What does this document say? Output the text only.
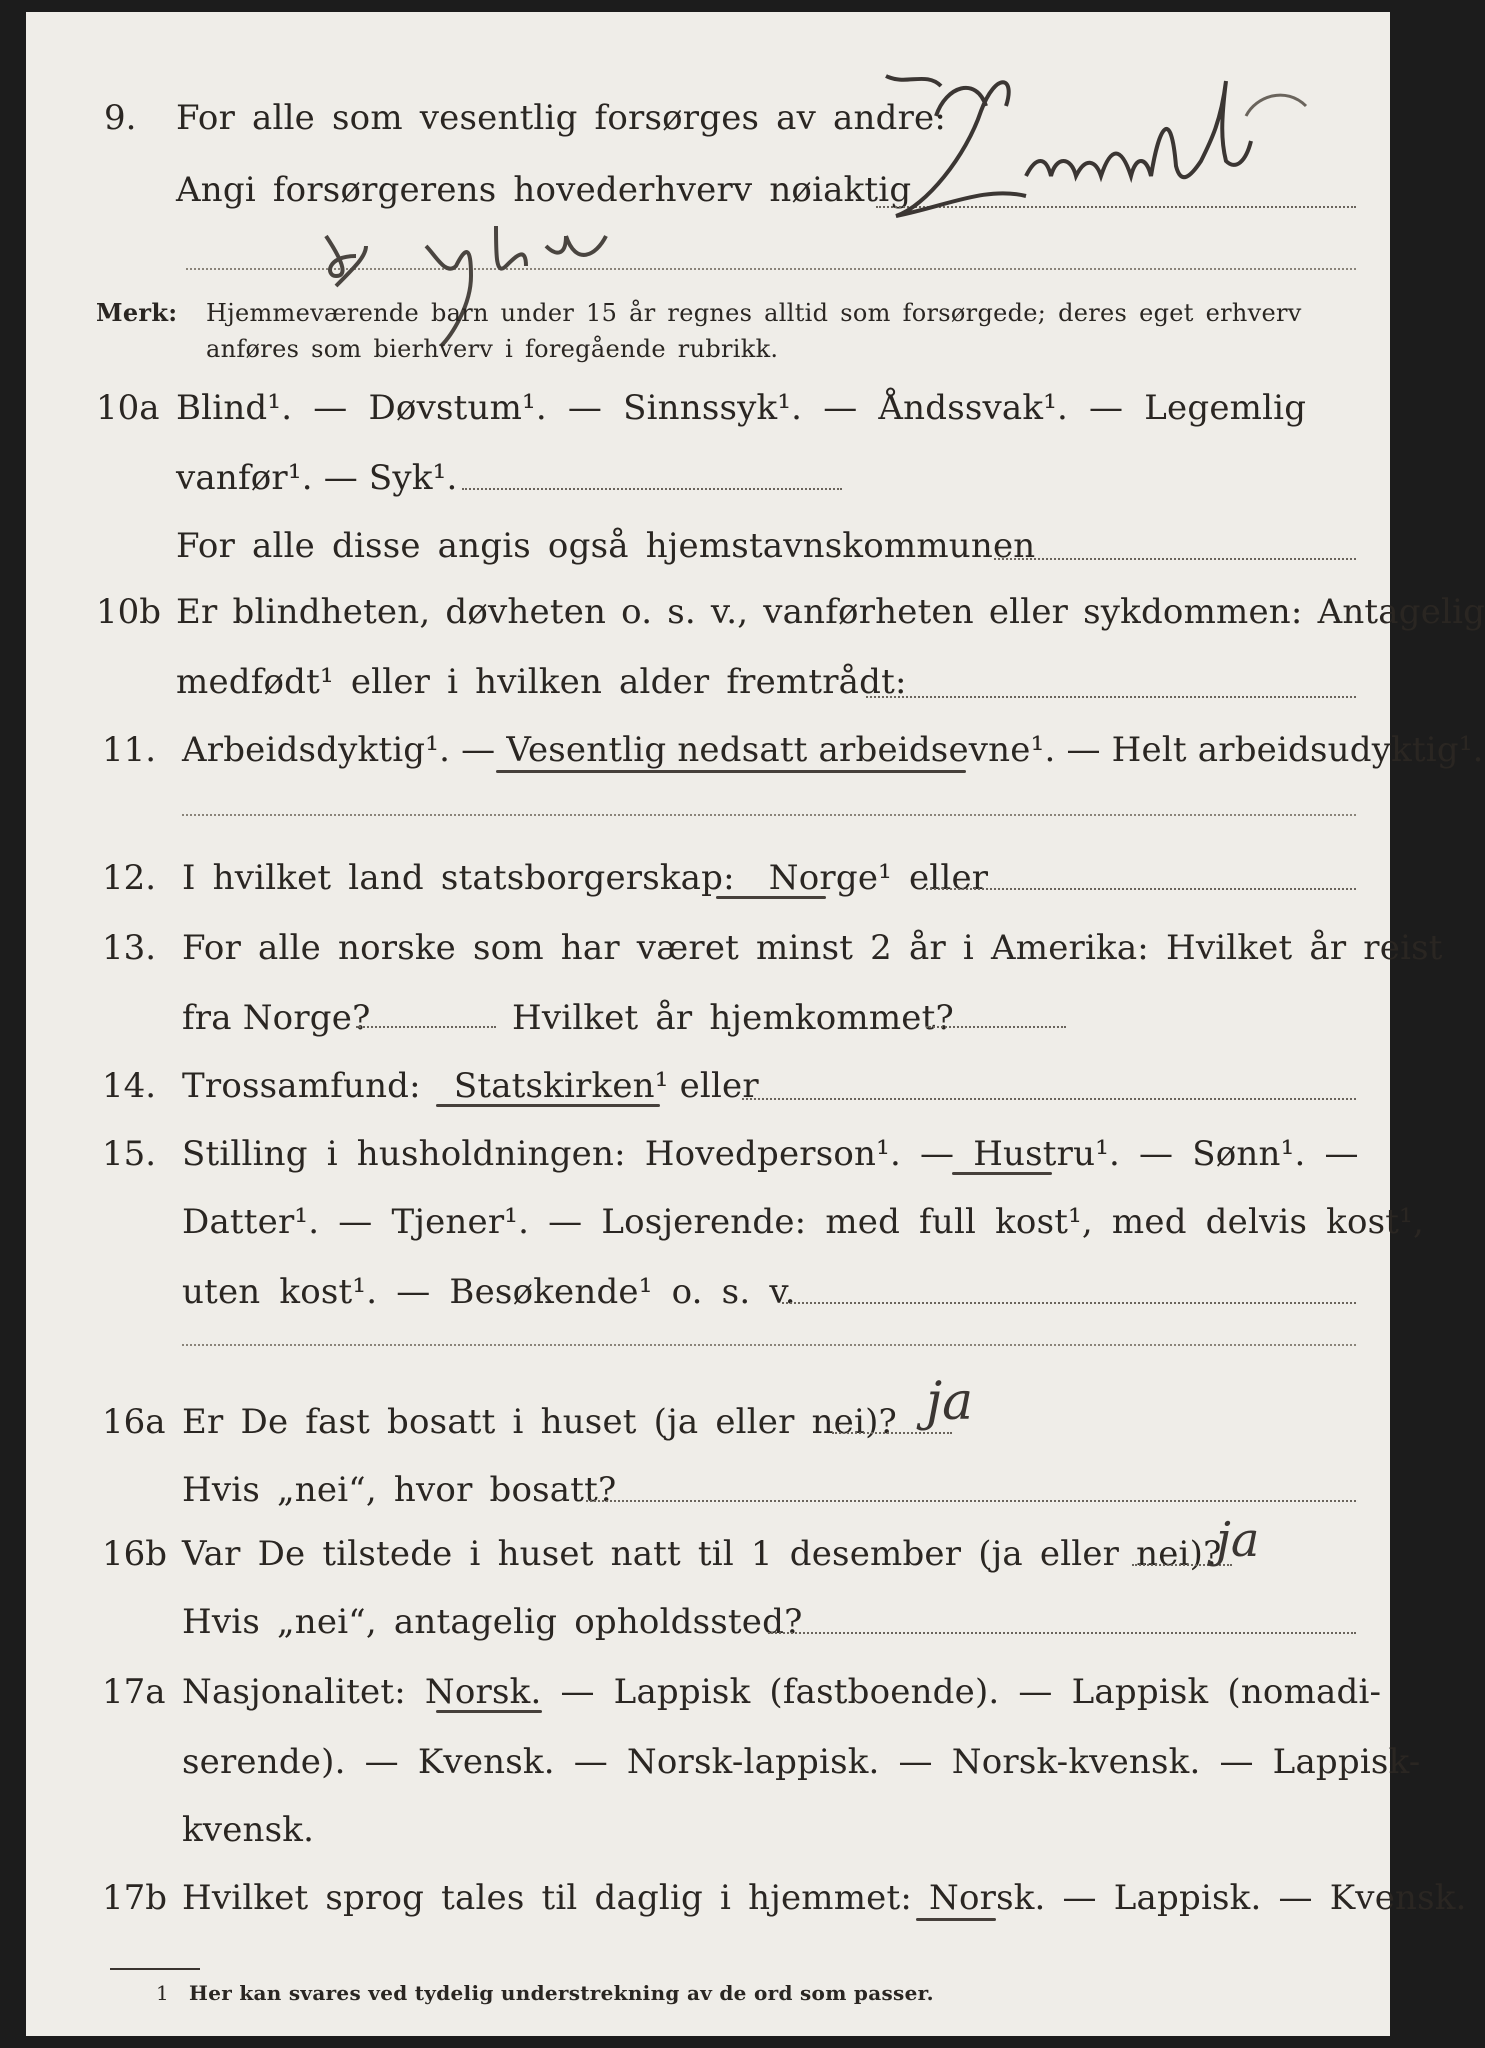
9. For alle som vesentlig forsørges av andre:
Angi forsørgerens hovederhverv nøiaktig
Merk: Hjemmeværende barn under 15 år regnes alltid som forsørgede; deres eget erhverv
anføres som bierhverv i foregående rubrikk.
10a Blind¹. — Døvstum¹. — Sinnssyk¹. — Åndssvak¹. — Legemlig
vanfør¹. — Syk¹.
For alle disse angis også hjemstavnskommunen
10b Er blindheten, døvheten o. s. v., vanførheten eller sykdommen: Antagelig
medfødt¹ eller i hvilken alder fremtrådt:
11. Arbeidsdyktig¹. — Vesentlig nedsatt arbeidsevne¹. — Helt arbeidsudyktig¹.
12. I hvilket land statsborgerskap: Norge¹ eller
13. For alle norske som har været minst 2 år i Amerika: Hvilket år reist
fra Norge?	Hvilket år hjemkommet?
14. Trossamfund: Statskirken¹ eller
15. Stilling i husholdningen: Hovedperson¹. — Hustru¹. — Sønn¹. —
Datter¹. — Tjener¹. — Losjerende: med full kost¹, med delvis kost¹,
uten kost¹. — Besøkende¹ o. s. v.
16a Er De fast bosatt i huset (ja eller nei)? ja
Hvis „nei“, hvor bosatt?
16b Var De tilstede i huset natt til 1 desember (ja eller nei)?
ja
Hvis „nei“, antagelig opholdssted?
17a Nasjonalitet: Norsk. — Lappisk (fastboende). — Lappisk (nomadi-
serende). — Kvensk. — Norsk-lappisk. — Norsk-kvensk. — Lappisk-
kvensk.
17b Hvilket sprog tales til daglig i hjemmet: Norsk. — Lappisk. — Kvensk.
1 Her kan svares ved tydelig understrekning av de ord som passer.
